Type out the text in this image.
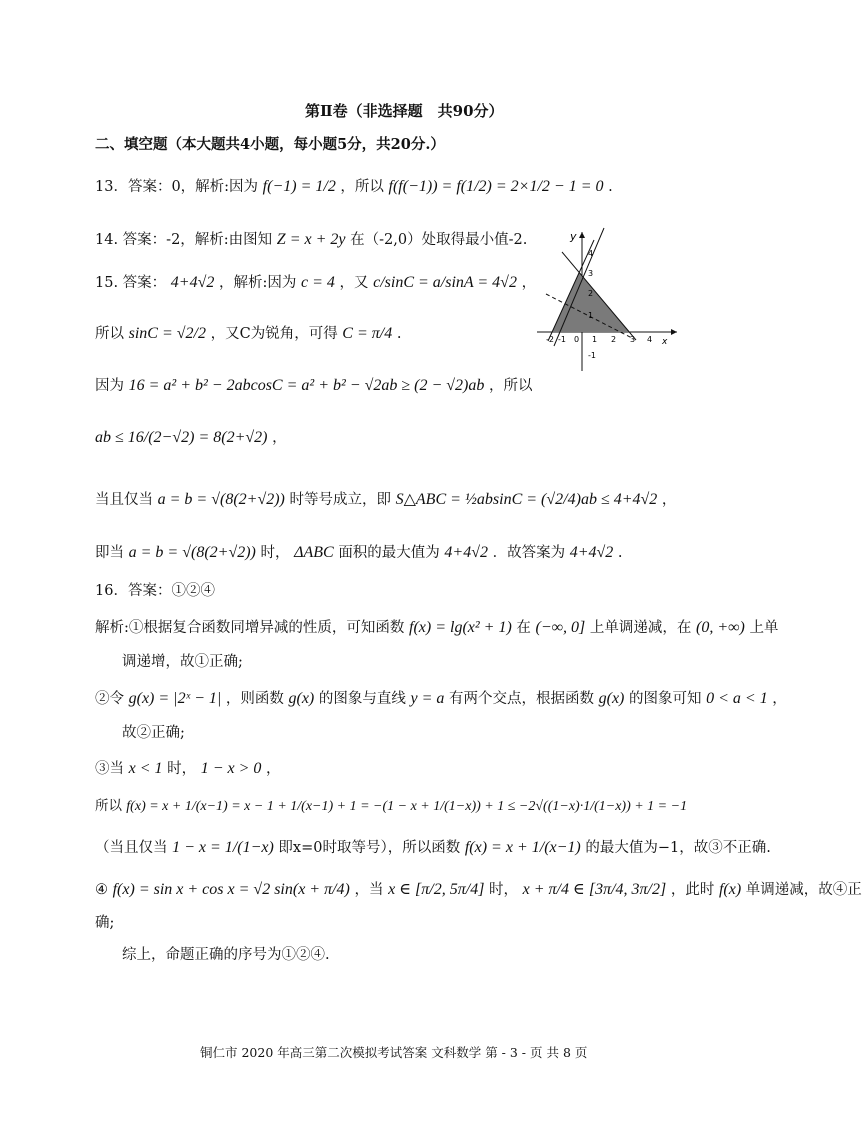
第Ⅱ卷（非选择题　共90分）
二、填空题（本大题共4小题，每小题5分，共20分.）
13．答案：0，解析:因为 f(−1) = 1/2 ，所以 f(f(−1)) = f(1/2) = 2×1/2 − 1 = 0 .
14. 答案：-2，解析:由图知 Z = x + 2y 在（-2,0）处取得最小值-2.	y
x
4
3
2
1
-1
-2 -1 0 1 2 3 4
15. 答案： 4+4√2 ，解析:因为 c = 4 ，又 c/sinC = a/sinA = 4√2 ，
所以 sinC = √2/2 ，又C为锐角，可得 C = π/4 .
因为 16 = a² + b² − 2abcosC = a² + b² − √2ab ≥ (2 − √2)ab ，所以
ab ≤ 16/(2−√2) = 8(2+√2) ，
当且仅当 a = b = √(8(2+√2)) 时等号成立，即 S△ABC = ½absinC = (√2/4)ab ≤ 4+4√2 ，
即当 a = b = √(8(2+√2)) 时， ΔABC 面积的最大值为 4+4√2 ．故答案为 4+4√2 .
16．答案：①②④
解析:①根据复合函数同增异减的性质，可知函数 f(x) = lg(x² + 1) 在 (−∞, 0] 上单调递减，在 (0, +∞) 上单
调递增，故①正确;
②令 g(x) = |2ˣ − 1| ，则函数 g(x) 的图象与直线 y = a 有两个交点，根据函数 g(x) 的图象可知 0 < a < 1 ，
故②正确;
③当 x < 1 时， 1 − x > 0 ，
所以 f(x) = x + 1/(x−1) = x − 1 + 1/(x−1) + 1 = −(1 − x + 1/(1−x)) + 1 ≤ −2√((1−x)·1/(1−x)) + 1 = −1
（当且仅当 1 − x = 1/(1−x) 即x=0时取等号），所以函数 f(x) = x + 1/(x−1) 的最大值为−1，故③不正确.
④ f(x) = sin x + cos x = √2 sin(x + π/4) ，当 x ∈ [π/2, 5π/4] 时， x + π/4 ∈ [3π/4, 3π/2] ，此时 f(x) 单调递减，故④正
确;
综上，命题正确的序号为①②④.
铜仁市 2020 年高三第二次模拟考试答案 文科数学 第 - 3 - 页 共 8 页
